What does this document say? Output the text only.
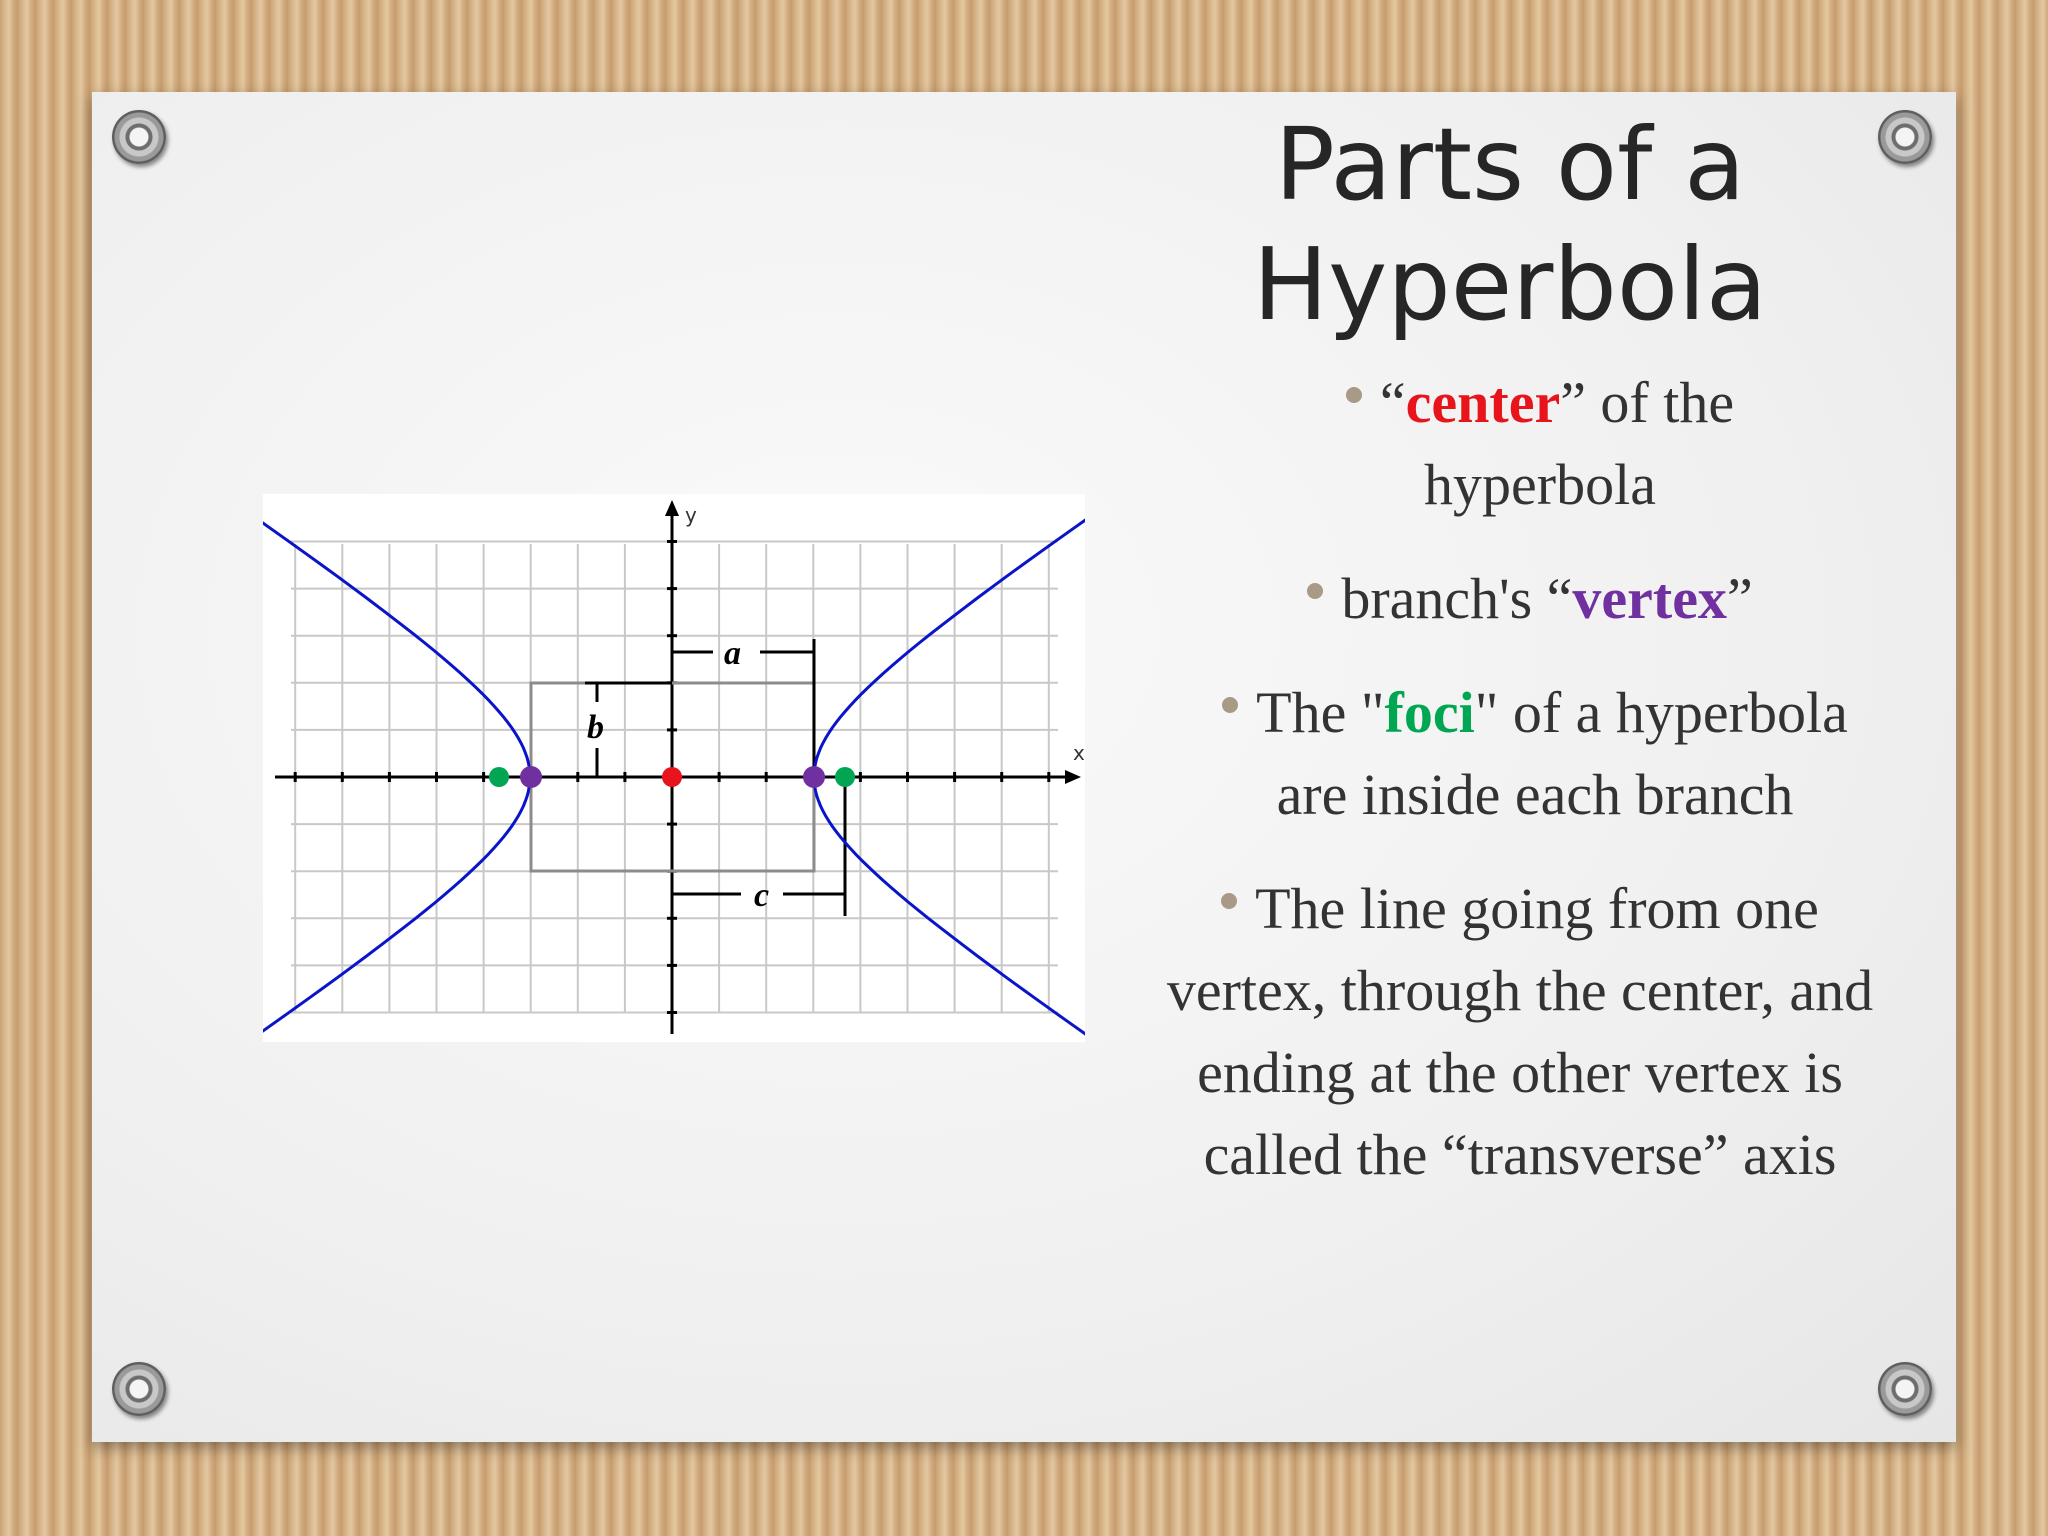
Parts of a
Hyperbola
“center” of the hyperbola
branch's “vertex”
The "foci" of a hyperbola are inside each branch
The line going from one vertex, through the center, and ending at the other vertex is called the “transverse” axis
x
y
a
b
c
